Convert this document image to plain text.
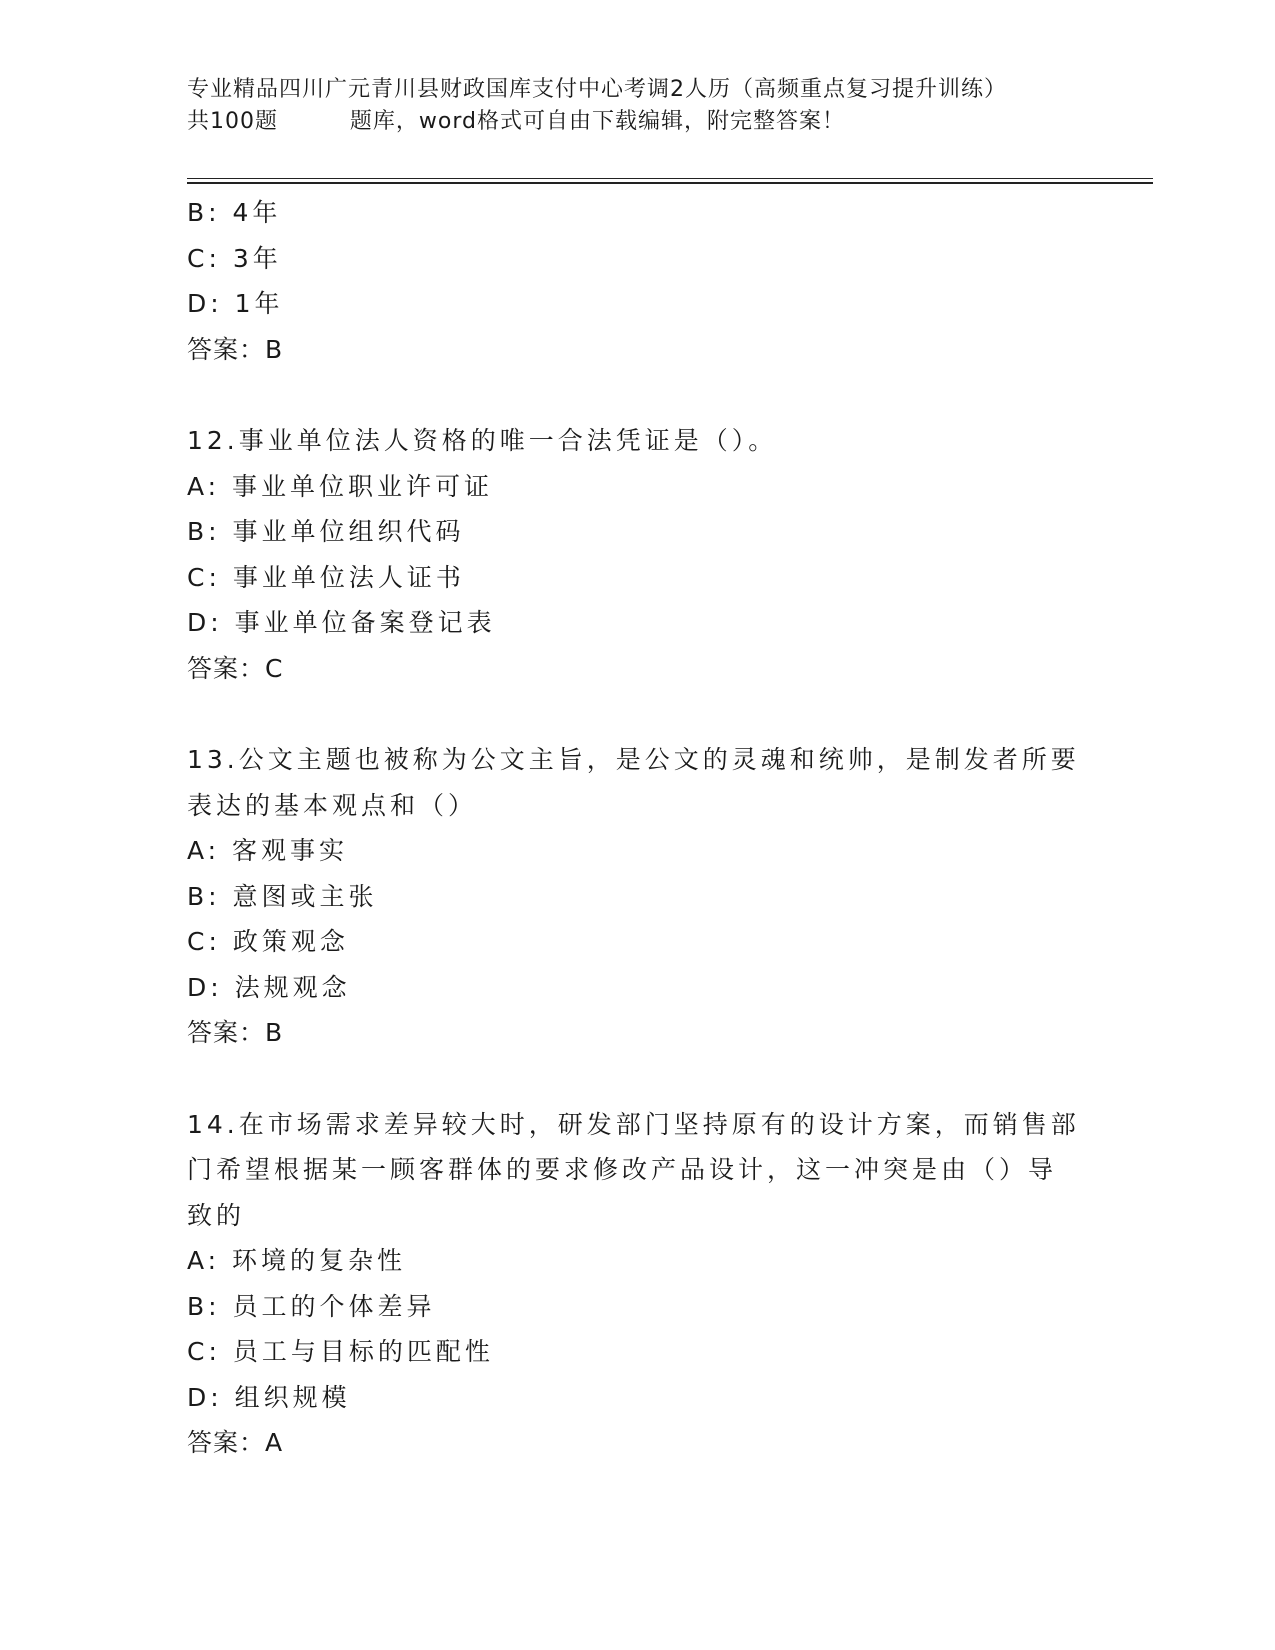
专业精品四川广元青川县财政国库支付中心考调2人历（高频重点复习提升训练）
共100题         题库，word格式可自由下载编辑，附完整答案！
B: 4年
C: 3年
D: 1年
答案：B
12.事业单位法人资格的唯一合法凭证是（）。
A: 事业单位职业许可证
B: 事业单位组织代码
C: 事业单位法人证书
D: 事业单位备案登记表
答案：C
13.公文主题也被称为公文主旨，是公文的灵魂和统帅，是制发者所要
表达的基本观点和（）
A: 客观事实
B: 意图或主张
C: 政策观念
D: 法规观念
答案：B
14.在市场需求差异较大时，研发部门坚持原有的设计方案，而销售部
门希望根据某一顾客群体的要求修改产品设计，这一冲突是由（）导
致的
A: 环境的复杂性
B: 员工的个体差异
C: 员工与目标的匹配性
D: 组织规模
答案：A
